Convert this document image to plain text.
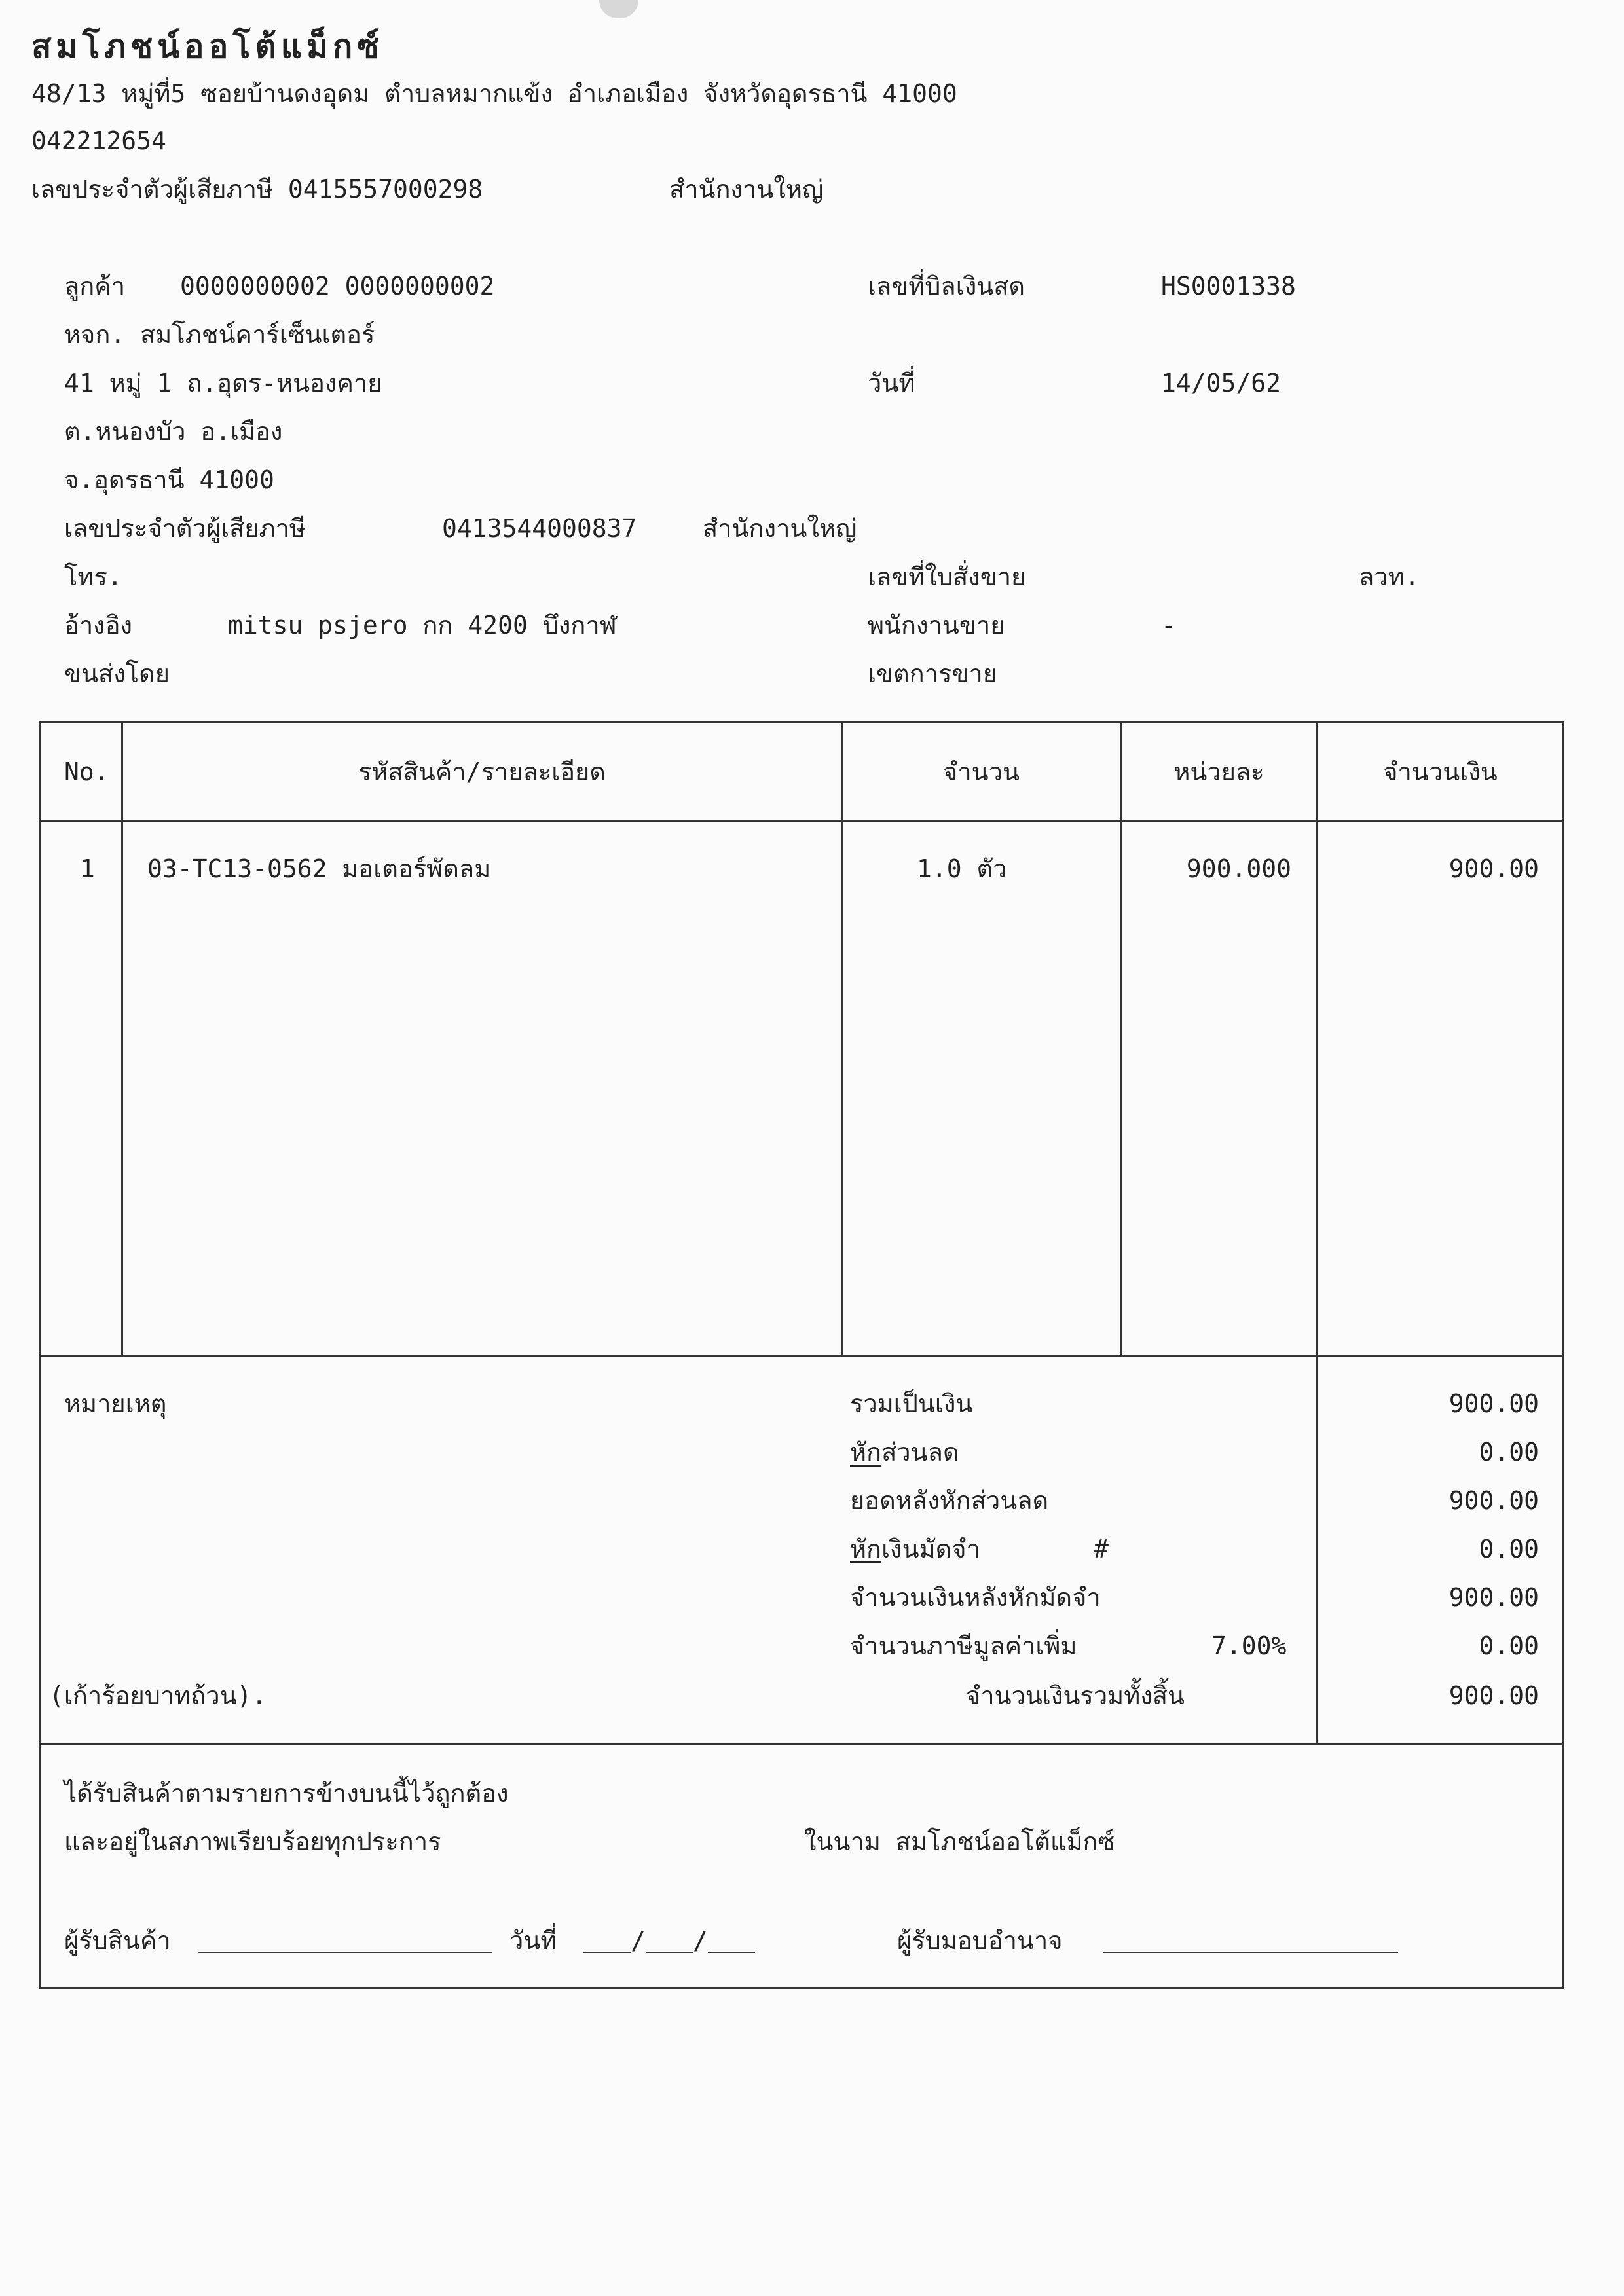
สมโภชน์ออโต้แม็กซ์
48/13 หมู่ที่5 ซอยบ้านดงอุดม ตำบลหมากแข้ง อำเภอเมือง จังหวัดอุดรธานี 41000
042212654
เลขประจำตัวผู้เสียภาษี 0415557000298	สำนักงานใหญ่
ลูกค้า 0000000002 0000000002
หจก. สมโภชน์คาร์เซ็นเตอร์
41 หมู่ 1 ถ.อุดร-หนองคาย
ต.หนองบัว อ.เมือง
จ.อุดรธานี 41000
เลขประจำตัวผู้เสียภาษี	0413544000837	สำนักงานใหญ่
โทร.
อ้างอิง	mitsu psjero กก 4200 บึงกาฬ
ขนส่งโดย
เลขที่บิลเงินสด	HS0001338
วันที่	14/05/62
เลขที่ใบสั่งขาย	ลวท.
พนักงานขาย	-
เขตการขาย
No.	รหัสสินค้า/รายละเอียด	จำนวน	หน่วยละ	จำนวนเงิน
1 03-TC13-0562 มอเตอร์พัดลม	1.0 ตัว	900.000	900.00
หมายเหตุ	รวมเป็นเงิน	900.00
หักส่วนลด	0.00
ยอดหลังหักส่วนลด	900.00
หักเงินมัดจำ	#	0.00
จำนวนเงินหลังหักมัดจำ	900.00
จำนวนภาษีมูลค่าเพิ่ม	7.00%	0.00
(เก้าร้อยบาทถ้วน).	จำนวนเงินรวมทั้งสิ้น	900.00
ได้รับสินค้าตามรายการข้างบนนี้ไว้ถูกต้อง
และอยู่ในสภาพเรียบร้อยทุกประการ	ในนาม สมโภชน์ออโต้แม็กซ์
ผู้รับสินค้า	วันที่	/ /	ผู้รับมอบอำนาจ
